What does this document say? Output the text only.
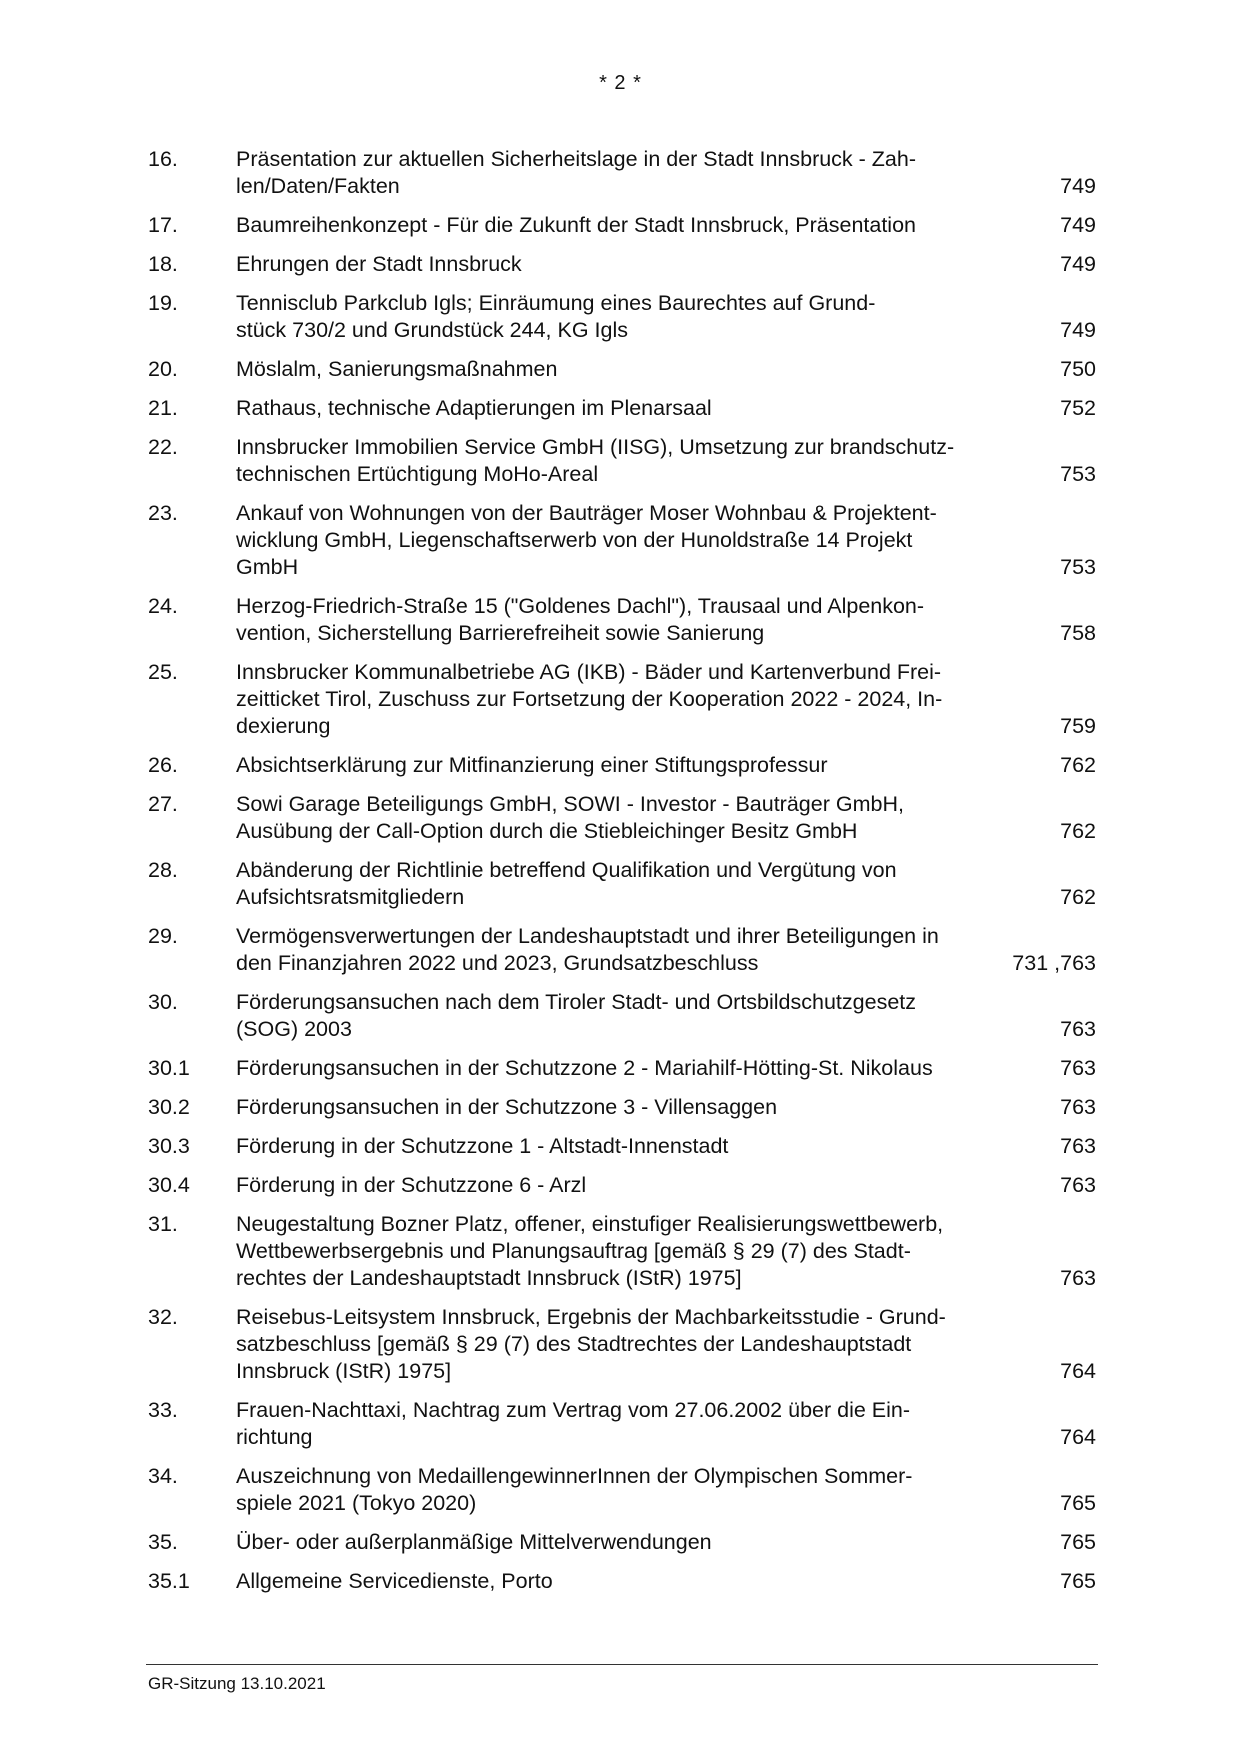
* 2 *
16.	Präsentation zur aktuellen Sicherheitslage in der Stadt Innsbruck - Zah-
len/Daten/Fakten	749
17.	Baumreihenkonzept - Für die Zukunft der Stadt Innsbruck, Präsentation	749
18.	Ehrungen der Stadt Innsbruck	749
19.	Tennisclub Parkclub Igls; Einräumung eines Baurechtes auf Grund-
stück 730/2 und Grundstück 244, KG Igls	749
20.	Möslalm, Sanierungsmaßnahmen	750
21.	Rathaus, technische Adaptierungen im Plenarsaal	752
22.	Innsbrucker Immobilien Service GmbH (IISG), Umsetzung zur brandschutz-
technischen Ertüchtigung MoHo-Areal	753
23.	Ankauf von Wohnungen von der Bauträger Moser Wohnbau & Projektent-
wicklung GmbH, Liegenschaftserwerb von der Hunoldstraße 14 Projekt
GmbH	753
24.	Herzog-Friedrich-Straße 15 ("Goldenes Dachl"), Trausaal und Alpenkon-
vention, Sicherstellung Barrierefreiheit sowie Sanierung	758
25.	Innsbrucker Kommunalbetriebe AG (IKB) - Bäder und Kartenverbund Frei-
zeitticket Tirol, Zuschuss zur Fortsetzung der Kooperation 2022 - 2024, In-
dexierung	759
26.	Absichtserklärung zur Mitfinanzierung einer Stiftungsprofessur	762
27.	Sowi Garage Beteiligungs GmbH, SOWI - Investor - Bauträger GmbH,
Ausübung der Call-Option durch die Stiebleichinger Besitz GmbH	762
28.	Abänderung der Richtlinie betreffend Qualifikation und Vergütung von
Aufsichtsratsmitgliedern	762
29.	Vermögensverwertungen der Landeshauptstadt und ihrer Beteiligungen in
den Finanzjahren 2022 und 2023, Grundsatzbeschluss	731 ,763
30.	Förderungsansuchen nach dem Tiroler Stadt- und Ortsbildschutzgesetz
(SOG) 2003	763
30.1	Förderungsansuchen in der Schutzzone 2 - Mariahilf-Hötting-St. Nikolaus	763
30.2	Förderungsansuchen in der Schutzzone 3 - Villensaggen	763
30.3	Förderung in der Schutzzone 1 - Altstadt-Innenstadt	763
30.4	Förderung in der Schutzzone 6 - Arzl	763
31.	Neugestaltung Bozner Platz, offener, einstufiger Realisierungswettbewerb,
Wettbewerbsergebnis und Planungsauftrag [gemäß § 29 (7) des Stadt-
rechtes der Landeshauptstadt Innsbruck (IStR) 1975]	763
32.	Reisebus-Leitsystem Innsbruck, Ergebnis der Machbarkeitsstudie - Grund-
satzbeschluss [gemäß § 29 (7) des Stadtrechtes der Landeshauptstadt
Innsbruck (IStR) 1975]	764
33.	Frauen-Nachttaxi, Nachtrag zum Vertrag vom 27.06.2002 über die Ein-
richtung	764
34.	Auszeichnung von MedaillengewinnerInnen der Olympischen Sommer-
spiele 2021 (Tokyo 2020)	765
35.	Über- oder außerplanmäßige Mittelverwendungen	765
35.1	Allgemeine Servicedienste, Porto	765
GR-Sitzung 13.10.2021
